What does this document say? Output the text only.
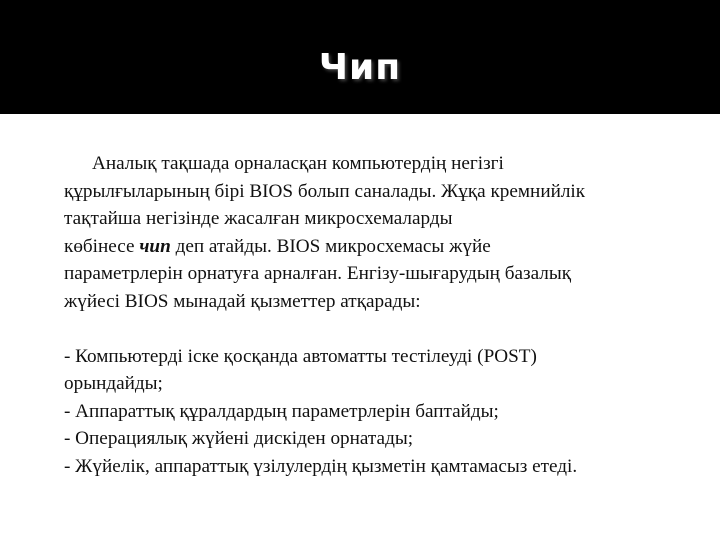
Чип

Аналық тақшада орналасқан компьютердің негізгі
құрылғыларының бірі BIOS болып саналады. Жұқа кремнийлік
тақтайша негізінде жасалған микросхемаларды
көбінесе чип деп атайды. BIOS микросхемасы жүйе
параметрлерін орнатуға арналған. Енгізу-шығарудың базалық
жүйесі BIOS мынадай қызметтер атқарады:

- Компьютерді іске қосқанда автоматты тестілеуді (POST)
орындайды;

- Аппараттық құралдардың параметрлерін баптайды;

- Операциялық жүйені дискіден орнатады;

- Жүйелік, аппараттық үзілулердің қызметін қамтамасыз етеді.
